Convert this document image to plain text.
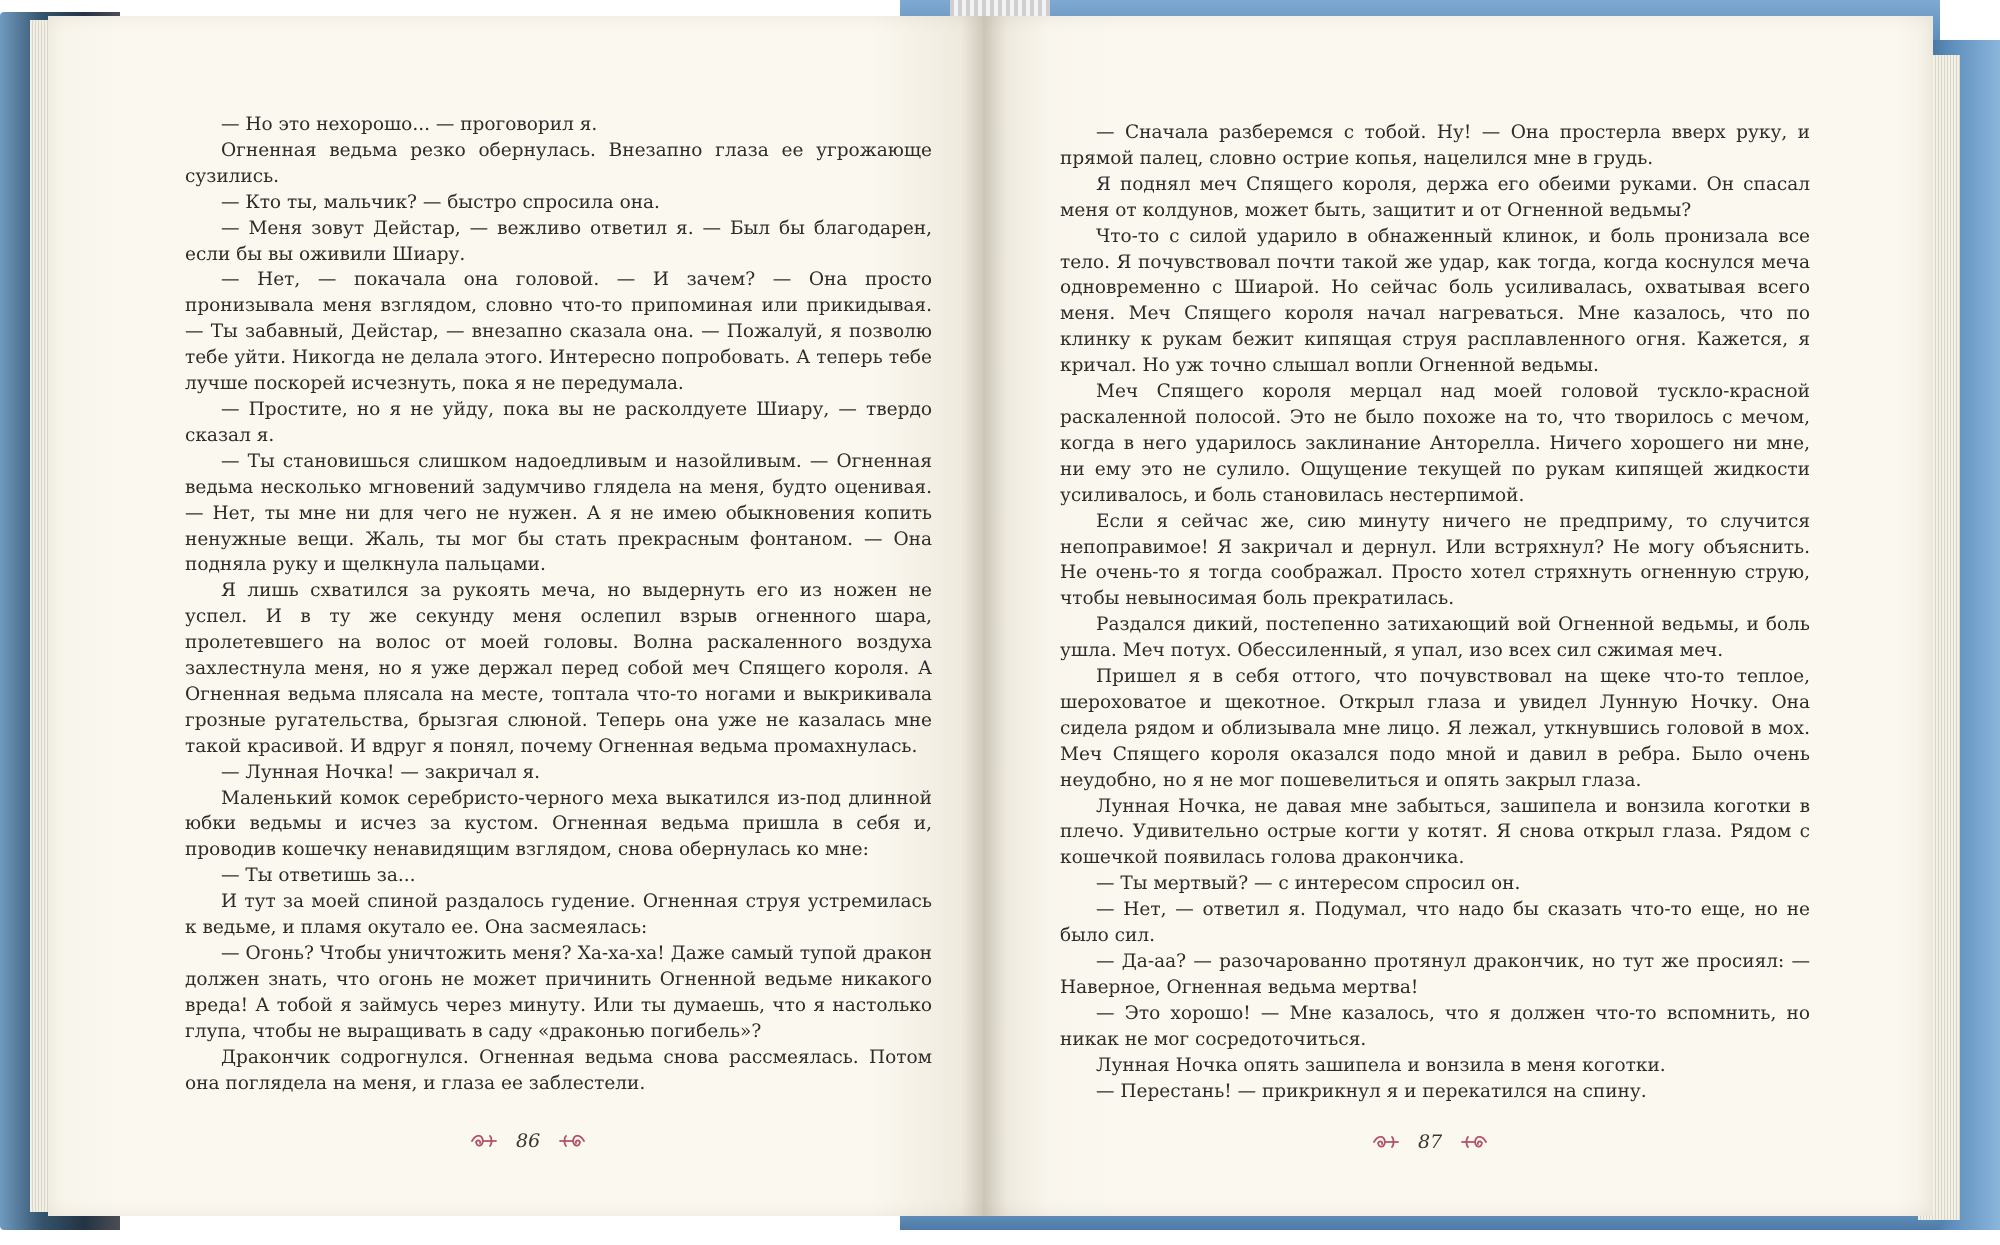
— Но это нехорошо... — проговорил я.

Огненная ведьма резко обернулась. Внезапно глаза ее угрожающе сузились.

— Кто ты, мальчик? — быстро спросила она.

— Меня зовут Дейстар, — вежливо ответил я. — Был бы благодарен, если бы вы оживили Шиару.

— Нет, — покачала она головой. — И зачем? — Она просто пронизывала меня взглядом, словно что-то припоминая или прикидывая. — Ты забавный, Дейстар, — внезапно сказала она. — Пожалуй, я позволю тебе уйти. Никогда не делала этого. Интересно попробовать. А теперь тебе лучше поскорей исчезнуть, пока я не передумала.

— Простите, но я не уйду, пока вы не расколдуете Шиару, — твердо сказал я.

— Ты становишься слишком надоедливым и назойливым. — Огненная ведьма несколько мгновений задумчиво глядела на меня, будто оценивая. — Нет, ты мне ни для чего не нужен. А я не имею обыкновения копить ненужные вещи. Жаль, ты мог бы стать прекрасным фонтаном. — Она подняла руку и щелкнула пальцами.

Я лишь схватился за рукоять меча, но выдернуть его из ножен не успел. И в ту же секунду меня ослепил взрыв огненного шара, пролетевшего на волос от моей головы. Волна раскаленного воздуха захлестнула меня, но я уже держал перед собой меч Спящего короля. А Огненная ведьма плясала на месте, топтала что-то ногами и выкрикивала грозные ругательства, брызгая слюной. Теперь она уже не казалась мне такой красивой. И вдруг я понял, почему Огненная ведьма промахнулась.

— Лунная Ночка! — закричал я.

Маленький комок серебристо-черного меха выкатился из-под длинной юбки ведьмы и исчез за кустом. Огненная ведьма пришла в себя и, проводив кошечку ненавидящим взглядом, снова обернулась ко мне:

— Ты ответишь за...

И тут за моей спиной раздалось гудение. Огненная струя устремилась к ведьме, и пламя окутало ее. Она засмеялась:

— Огонь? Чтобы уничтожить меня? Ха-ха-ха! Даже самый тупой дракон должен знать, что огонь не может причинить Огненной ведьме никакого вреда! А тобой я займусь через минуту. Или ты думаешь, что я настолько глупа, чтобы не выращивать в саду «драконью погибель»?

Дракончик содрогнулся. Огненная ведьма снова рассмеялась. Потом она поглядела на меня, и глаза ее заблестели.

— Сначала разберемся с тобой. Ну! — Она простерла вверх руку, и прямой палец, словно острие копья, нацелился мне в грудь.

Я поднял меч Спящего короля, держа его обеими руками. Он спасал меня от колдунов, может быть, защитит и от Огненной ведьмы?

Что-то с силой ударило в обнаженный клинок, и боль пронизала все тело. Я почувствовал почти такой же удар, как тогда, когда коснулся меча одновременно с Шиарой. Но сейчас боль усиливалась, охватывая всего меня. Меч Спящего короля начал нагреваться. Мне казалось, что по клинку к рукам бежит кипящая струя расплавленного огня. Кажется, я кричал. Но уж точно слышал вопли Огненной ведьмы.

Меч Спящего короля мерцал над моей головой тускло-красной раскаленной полосой. Это не было похоже на то, что творилось с мечом, когда в него ударилось заклинание Анторелла. Ничего хорошего ни мне, ни ему это не сулило. Ощущение текущей по рукам кипящей жидкости усиливалось, и боль становилась нестерпимой.

Если я сейчас же, сию минуту ничего не предприму, то случится непоправимое! Я закричал и дернул. Или встряхнул? Не могу объяснить. Не очень-то я тогда соображал. Просто хотел стряхнуть огненную струю, чтобы невыносимая боль прекратилась.

Раздался дикий, постепенно затихающий вой Огненной ведьмы, и боль ушла. Меч потух. Обессиленный, я упал, изо всех сил сжимая меч.

Пришел я в себя оттого, что почувствовал на щеке что-то теплое, шероховатое и щекотное. Открыл глаза и увидел Лунную Ночку. Она сидела рядом и облизывала мне лицо. Я лежал, уткнувшись головой в мох. Меч Спящего короля оказался подо мной и давил в ребра. Было очень неудобно, но я не мог пошевелиться и опять закрыл глаза.

Лунная Ночка, не давая мне забыться, зашипела и вонзила коготки в плечо. Удивительно острые когти у котят. Я снова открыл глаза. Рядом с кошечкой появилась голова дракончика.

— Ты мертвый? — с интересом спросил он.

— Нет, — ответил я. Подумал, что надо бы сказать что-то еще, но не было сил.

— Да-аа? — разочарованно протянул дракончик, но тут же просиял: — Наверное, Огненная ведьма мертва!

— Это хорошо! — Мне казалось, что я должен что-то вспомнить, но никак не мог сосредоточиться.

Лунная Ночка опять зашипела и вонзила в меня коготки.

— Перестань! — прикрикнул я и перекатился на спину.

86	87
